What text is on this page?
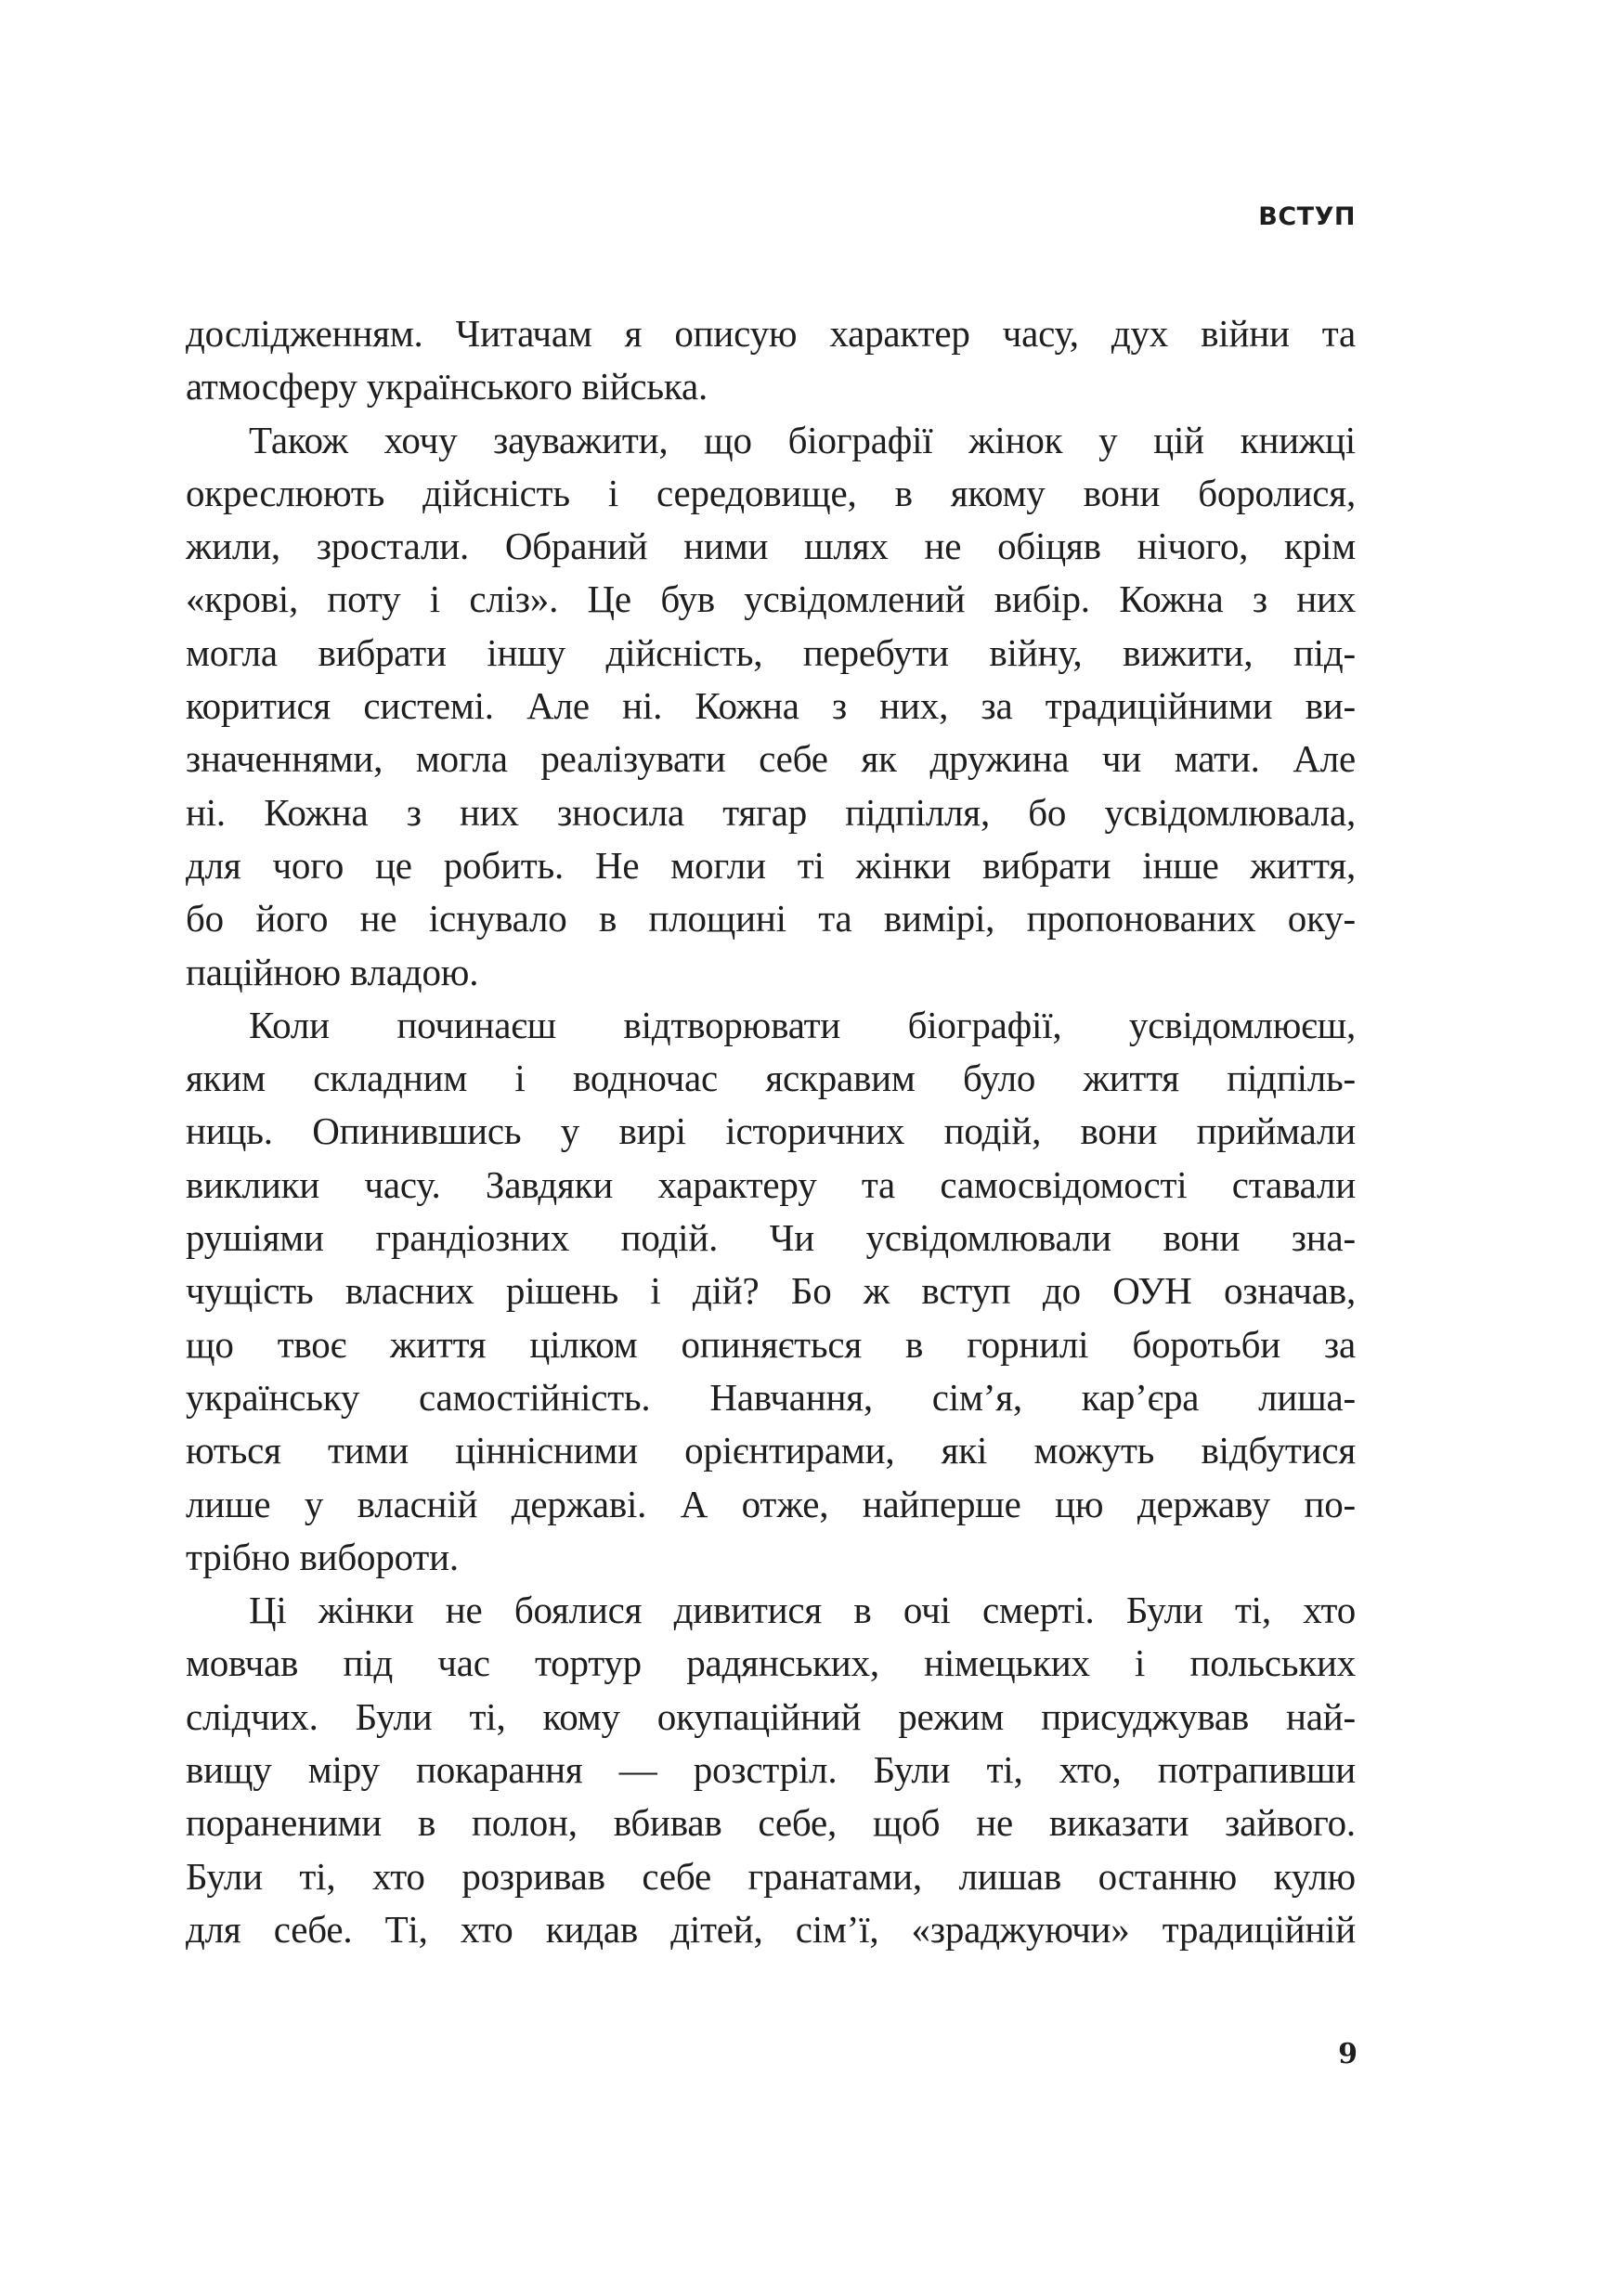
ВСТУП
дослідженням. Читачам я описую характер часу, дух війни та
атмосферу українського війська.
Також хочу зауважити, що біографії жінок у цій книжці
окреслюють дійсність і середовище, в якому вони боролися,
жили, зростали. Обраний ними шлях не обіцяв нічого, крім
«крові, поту і сліз». Це був усвідомлений вибір. Кожна з них
могла вибрати іншу дійсність, перебути війну, вижити, під-
коритися системі. Але ні. Кожна з них, за традиційними ви-
значеннями, могла реалізувати себе як дружина чи мати. Але
ні. Кожна з них зносила тягар підпілля, бо усвідомлювала,
для чого це робить. Не могли ті жінки вибрати інше життя,
бо його не існувало в площині та вимірі, пропонованих оку-
паційною владою.
Коли починаєш відтворювати біографії, усвідомлюєш,
яким складним і водночас яскравим було життя підпіль-
ниць. Опинившись у вирі історичних подій, вони приймали
виклики часу. Завдяки характеру та самосвідомості ставали
рушіями грандіозних подій. Чи усвідомлювали вони зна-
чущість власних рішень і дій? Бо ж вступ до ОУН означав,
що твоє життя цілком опиняється в горнилі боротьби за
українську самостійність. Навчання, сім’я, кар’єра лиша-
ються тими ціннісними орієнтирами, які можуть відбутися
лише у власній державі. А отже, найперше цю державу по-
трібно вибороти.
Ці жінки не боялися дивитися в очі смерті. Були ті, хто
мовчав під час тортур радянських, німецьких і польських
слідчих. Були ті, кому окупаційний режим присуджував най-
вищу міру покарання — розстріл. Були ті, хто, потрапивши
пораненими в полон, вбивав себе, щоб не виказати зайвого.
Були ті, хто розривав себе гранатами, лишав останню кулю
для себе. Ті, хто кидав дітей, сім’ї, «зраджуючи» традиційній
9
